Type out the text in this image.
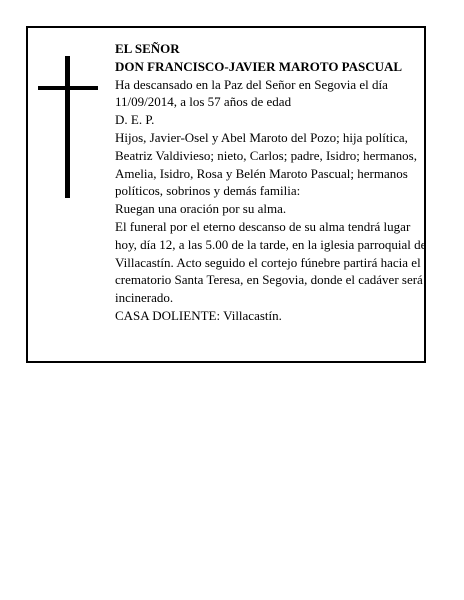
EL SEÑOR

DON FRANCISCO-JAVIER MAROTO PASCUAL

Ha descansado en la Paz del Señor en Segovia el día 11/09/2014, a los 57 años de edad

D. E. P.

Hijos, Javier-Osel y Abel Maroto del Pozo; hija política, Beatriz Valdivieso; nieto, Carlos; padre, Isidro; hermanos, Amelia, Isidro, Rosa y Belén Maroto Pascual; hermanos políticos, sobrinos y demás familia:

Ruegan una oración por su alma.

El funeral por el eterno descanso de su alma tendrá lugar hoy, día 12, a las 5.00 de la tarde, en la iglesia parroquial de Villacastín. Acto seguido el cortejo fúnebre partirá hacia el crematorio Santa Teresa, en Segovia, donde el cadáver será incinerado.

CASA DOLIENTE: Villacastín.
